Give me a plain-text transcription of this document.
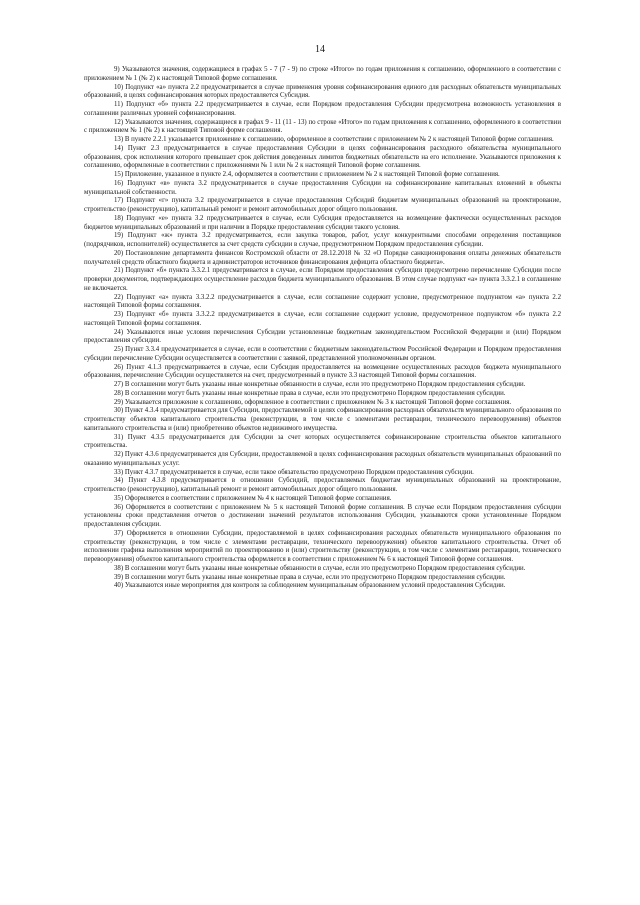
14

9) Указываются значения, содержащиеся в графах 5 - 7 (7 - 9) по строке «Итого» по годам приложения к соглашению, оформленного в соответствии с приложением № 1 (№ 2) к настоящей Типовой форме соглашения.

10) Подпункт «а» пункта 2.2 предусматривается в случае применения уровня софинансирования единого для расходных обязательств муниципальных образований, в целях софинансирования которых предоставляется Субсидия.

11) Подпункт «б» пункта 2.2 предусматривается в случае, если Порядком предоставления Субсидии предусмотрена возможность установления в соглашении различных уровней софинансирования.

12) Указываются значения, содержащиеся в графах 9 - 11 (11 - 13) по строке «Итого» по годам приложения к соглашению, оформленного в соответствии с приложением № 1 (№ 2) к настоящей Типовой форме соглашения.

13) В пункте 2.2.1 указывается приложение к соглашению, оформленное в соответствии с приложением № 2 к настоящей Типовой форме соглашения.

14) Пункт 2.3 предусматривается в случае предоставления Субсидии в целях софинансирования расходного обязательства муниципального образования, срок исполнения которого превышает срок действия доведенных лимитов бюджетных обязательств на его исполнение. Указываются приложения к соглашению, оформленные в соответствии с приложениями № 1 или № 2 к настоящей Типовой форме соглашения.

15) Приложение, указанное в пункте 2.4, оформляется в соответствии с приложением № 2 к настоящей Типовой форме соглашения.

16) Подпункт «в» пункта 3.2 предусматривается в случае предоставления Субсидии на софинансирование капитальных вложений в объекты муниципальной собственности.

17) Подпункт «г» пункта 3.2 предусматривается в случае предоставления Субсидий бюджетам муниципальных образований на проектирование, строительство (реконструкцию), капитальный ремонт и ремонт автомобильных дорог общего пользования.

18) Подпункт «е» пункта 3.2 предусматривается в случае, если Субсидия предоставляется на возмещение фактически осуществленных расходов бюджетов муниципальных образований и при наличии в Порядке предоставления субсидии такого условия.

19) Подпункт «ж» пункта 3.2 предусматривается, если закупка товаров, работ, услуг конкурентными способами определения поставщиков (подрядчиков, исполнителей) осуществляется за счет средств субсидии в случае, предусмотренном Порядком предоставления субсидии.

20) Постановление департамента финансов Костромской области от 28.12.2018 № 32 «О Порядке санкционирования оплаты денежных обязательств получателей средств областного бюджета и администраторов источников финансирования дефицита областного бюджета».

21) Подпункт «б» пункта 3.3.2.1 предусматривается в случае, если Порядком предоставления субсидии предусмотрено перечисление Субсидии после проверки документов, подтверждающих осуществление расходов бюджета муниципального образования. В этом случае подпункт «а» пункта 3.3.2.1 в соглашение не включается.

22) Подпункт «а» пункта 3.3.2.2 предусматривается в случае, если соглашение содержит условие, предусмотренное подпунктом «а» пункта 2.2 настоящей Типовой формы соглашения.

23) Подпункт «б» пункта 3.3.2.2 предусматривается в случае, если соглашение содержит условие, предусмотренное подпунктом «б» пункта 2.2 настоящей Типовой формы соглашения.

24) Указываются иные условия перечисления Субсидии установленные бюджетным законодательством Российской Федерации и (или) Порядком предоставления субсидии.

25) Пункт 3.3.4 предусматривается в случае, если в соответствии с бюджетным законодательством Российской Федерации и Порядком предоставления субсидии перечисление Субсидии осуществляется в соответствии с заявкой, представленной уполномоченным органом.

26) Пункт 4.1.3 предусматривается в случае, если Субсидия предоставляется на возмещение осуществленных расходов бюджета муниципального образования, перечисление Субсидии осуществляется на счет, предусмотренный в пункте 3.3 настоящей Типовой формы соглашения.

27) В соглашении могут быть указаны иные конкретные обязанности в случае, если это предусмотрено Порядком предоставления субсидии.

28) В соглашении могут быть указаны иные конкретные права в случае, если это предусмотрено Порядком предоставления субсидии.

29) Указывается приложение к соглашению, оформленное в соответствии с приложением № 3 к настоящей Типовой форме соглашения.

30) Пункт 4.3.4 предусматривается для Субсидии, предоставляемой в целях софинансирования расходных обязательств муниципального образования по строительству объектов капитального строительства (реконструкции, в том числе с элементами реставрации, технического перевооружения) объектов капитального строительства и (или) приобретению объектов недвижимого имущества.

31) Пункт 4.3.5 предусматривается для Субсидии за счет которых осуществляется софинансирование строительства объектов капитального строительства.

32) Пункт 4.3.6 предусматривается для Субсидии, предоставляемой в целях софинансирования расходных обязательств муниципальных образований по оказанию муниципальных услуг.

33) Пункт 4.3.7 предусматривается в случае, если такое обязательство предусмотрено Порядком предоставления субсидии.

34) Пункт 4.3.8 предусматривается в отношении Субсидий, предоставляемых бюджетам муниципальных образований на проектирование, строительство (реконструкцию), капитальный ремонт и ремонт автомобильных дорог общего пользования.

35) Оформляется в соответствии с приложением № 4 к настоящей Типовой форме соглашения.

36) Оформляется в соответствии с приложением № 5 к настоящей Типовой форме соглашения. В случае если Порядком предоставления субсидии установлены сроки представления отчетов о достижении значений результатов использования Субсидии, указываются сроки установленные Порядком предоставления субсидии.

37) Оформляется в отношении Субсидии, предоставляемой в целях софинансирования расходных обязательств муниципального образования по строительству (реконструкции, в том числе с элементами реставрации, технического перевооружения) объектов капитального строительства. Отчет об исполнении графика выполнения мероприятий по проектированию и (или) строительству (реконструкции, в том числе с элементами реставрации, технического перевооружения) объектов капитального строительства оформляется в соответствии с приложением № 6 к настоящей Типовой форме соглашения.

38) В соглашении могут быть указаны иные конкретные обязанности в случае, если это предусмотрено Порядком предоставления субсидии.

39) В соглашении могут быть указаны иные конкретные права в случае, если это предусмотрено Порядком предоставления субсидии.

40) Указываются иные мероприятия для контроля за соблюдением муниципальным образованием условий предоставления Субсидии.
